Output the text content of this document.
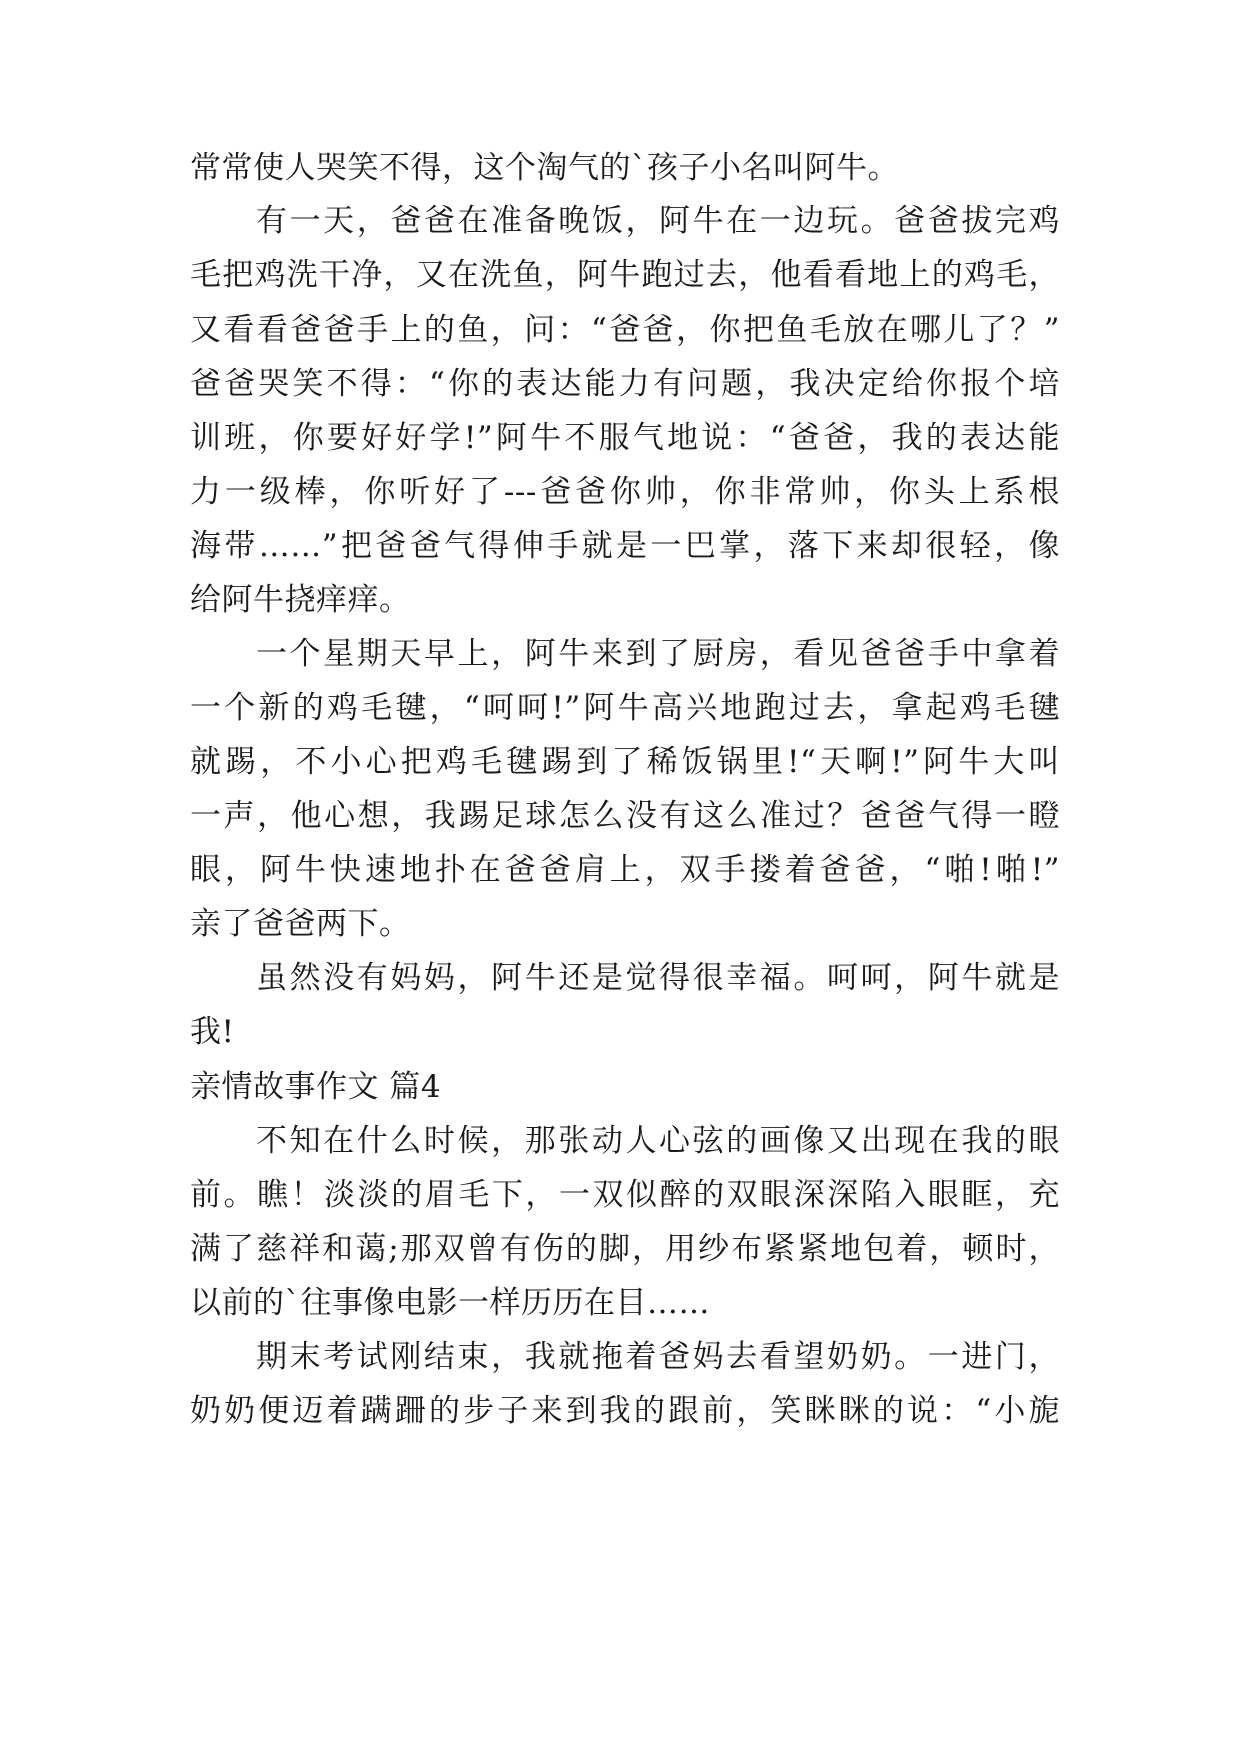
常常使人哭笑不得，这个淘气的`孩子小名叫阿牛。
有一天，爸爸在准备晚饭，阿牛在一边玩。爸爸拔完鸡
毛把鸡洗干净，又在洗鱼，阿牛跑过去，他看看地上的鸡毛，
又看看爸爸手上的鱼，问：“爸爸，你把鱼毛放在哪儿了？”
爸爸哭笑不得：“你的表达能力有问题，我决定给你报个培
训班，你要好好学!”阿牛不服气地说：“爸爸，我的表达能
力一级棒，你听好了---爸爸你帅，你非常帅，你头上系根
海带……”把爸爸气得伸手就是一巴掌，落下来却很轻，像
给阿牛挠痒痒。
一个星期天早上，阿牛来到了厨房，看见爸爸手中拿着
一个新的鸡毛毽，“呵呵!”阿牛高兴地跑过去，拿起鸡毛毽
就踢，不小心把鸡毛毽踢到了稀饭锅里!“天啊!”阿牛大叫
一声，他心想，我踢足球怎么没有这么准过？爸爸气得一瞪
眼，阿牛快速地扑在爸爸肩上，双手搂着爸爸，“啪!啪!”
亲了爸爸两下。
虽然没有妈妈，阿牛还是觉得很幸福。呵呵，阿牛就是
我!
亲情故事作文 篇4
不知在什么时候，那张动人心弦的画像又出现在我的眼
前。瞧！淡淡的眉毛下，一双似醉的双眼深深陷入眼眶，充
满了慈祥和蔼;那双曾有伤的脚，用纱布紧紧地包着，顿时，
以前的`往事像电影一样历历在目……
期末考试刚结束，我就拖着爸妈去看望奶奶。一进门，
奶奶便迈着蹒跚的步子来到我的跟前，笑眯眯的说：“小旎
